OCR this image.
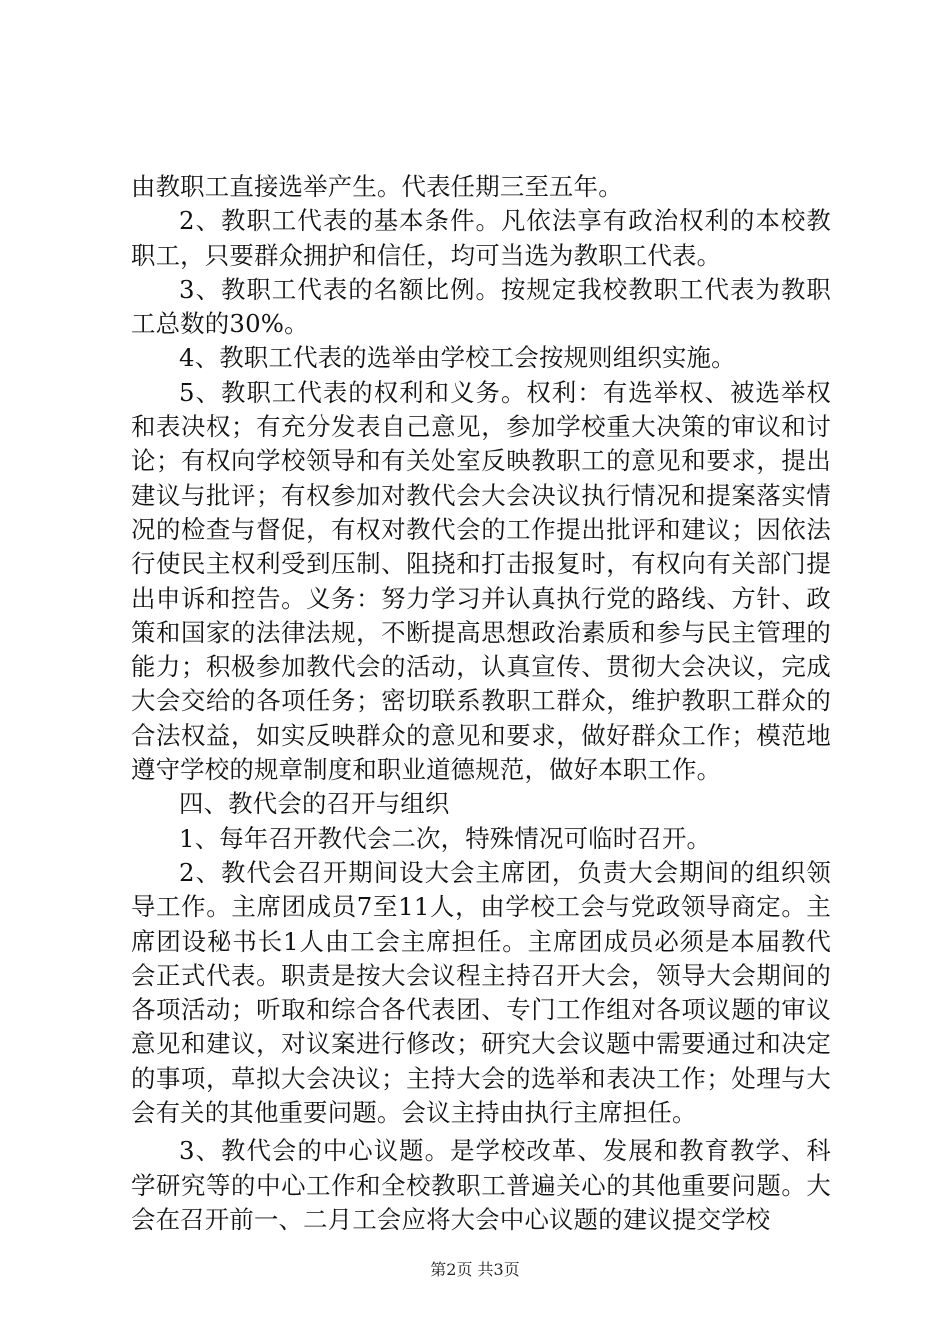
由教职工直接选举产生。代表任期三至五年。

2、教职工代表的基本条件。凡依法享有政治权利的本校教职工，只要群众拥护和信任，均可当选为教职工代表。

3、教职工代表的名额比例。按规定我校教职工代表为教职工总数的30%。

4、教职工代表的选举由学校工会按规则组织实施。

5、教职工代表的权利和义务。权利：有选举权、被选举权和表决权；有充分发表自己意见，参加学校重大决策的审议和讨论；有权向学校领导和有关处室反映教职工的意见和要求，提出建议与批评；有权参加对教代会大会决议执行情况和提案落实情况的检查与督促，有权对教代会的工作提出批评和建议；因依法行使民主权利受到压制、阻挠和打击报复时，有权向有关部门提出申诉和控告。义务：努力学习并认真执行党的路线、方针、政策和国家的法律法规，不断提高思想政治素质和参与民主管理的能力；积极参加教代会的活动，认真宣传、贯彻大会决议，完成大会交给的各项任务；密切联系教职工群众，维护教职工群众的合法权益，如实反映群众的意见和要求，做好群众工作；模范地遵守学校的规章制度和职业道德规范，做好本职工作。

四、教代会的召开与组织

1、每年召开教代会二次，特殊情况可临时召开。

2、教代会召开期间设大会主席团，负责大会期间的组织领导工作。主席团成员7至11人，由学校工会与党政领导商定。主席团设秘书长1人由工会主席担任。主席团成员必须是本届教代会正式代表。职责是按大会议程主持召开大会，领导大会期间的各项活动；听取和综合各代表团、专门工作组对各项议题的审议意见和建议，对议案进行修改；研究大会议题中需要通过和决定的事项，草拟大会决议；主持大会的选举和表决工作；处理与大会有关的其他重要问题。会议主持由执行主席担任。

3、教代会的中心议题。是学校改革、发展和教育教学、科学研究等的中心工作和全校教职工普遍关心的其他重要问题。大会在召开前一、二月工会应将大会中心议题的建议提交学校

第2页 共3页
